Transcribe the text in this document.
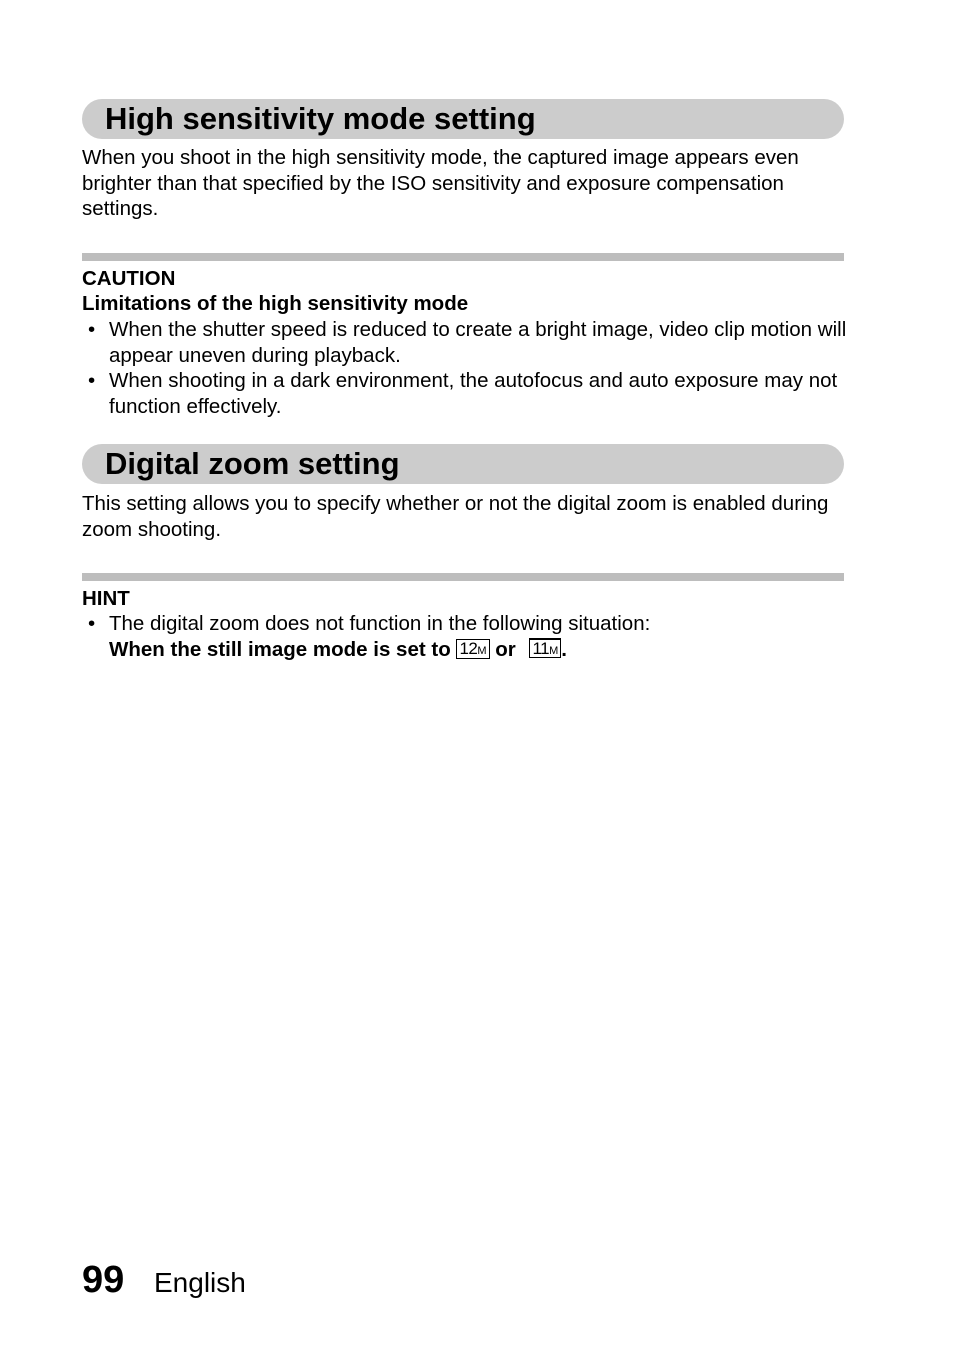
High sensitivity mode setting
When you shoot in the high sensitivity mode, the captured image appears even brighter than that specified by the ISO sensitivity and exposure compensation settings.
CAUTION
Limitations of the high sensitivity mode
• When the shutter speed is reduced to create a bright image, video clip motion will appear uneven during playback.
• When shooting in a dark environment, the autofocus and auto exposure may not function effectively.
Digital zoom setting
This setting allows you to specify whether or not the digital zoom is enabled during zoom shooting.
HINT
• The digital zoom does not function in the following situation:
When the still image mode is set to 12M or 11M .
99 English
